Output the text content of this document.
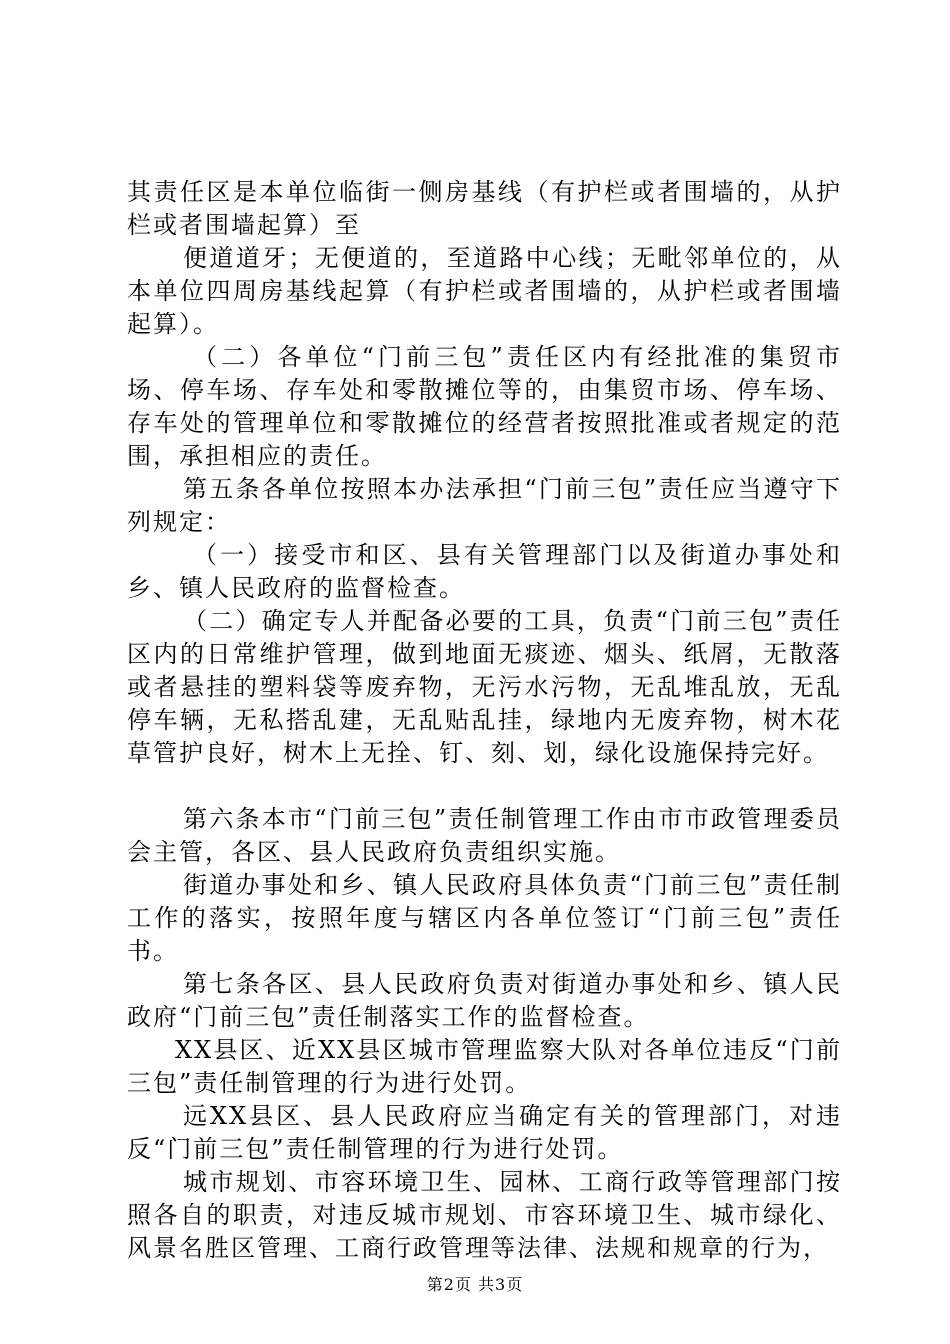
其责任区是本单位临街一侧房基线（有护栏或者围墙的，从护栏或者围墙起算）至

便道道牙；无便道的，至道路中心线；无毗邻单位的，从本单位四周房基线起算（有护栏或者围墙的，从护栏或者围墙起算）。

（二）各单位“门前三包”责任区内有经批准的集贸市场、停车场、存车处和零散摊位等的，由集贸市场、停车场、存车处的管理单位和零散摊位的经营者按照批准或者规定的范围，承担相应的责任。

第五条各单位按照本办法承担“门前三包”责任应当遵守下列规定：

（一）接受市和区、县有关管理部门以及街道办事处和乡、镇人民政府的监督检查。

（二）确定专人并配备必要的工具，负责“门前三包”责任区内的日常维护管理，做到地面无痰迹、烟头、纸屑，无散落或者悬挂的塑料袋等废弃物，无污水污物，无乱堆乱放，无乱停车辆，无私搭乱建，无乱贴乱挂，绿地内无废弃物，树木花草管护良好，树木上无拴、钉、刻、划，绿化设施保持完好。

第六条本市“门前三包”责任制管理工作由市市政管理委员会主管，各区、县人民政府负责组织实施。

街道办事处和乡、镇人民政府具体负责“门前三包”责任制工作的落实，按照年度与辖区内各单位签订“门前三包”责任书。

第七条各区、县人民政府负责对街道办事处和乡、镇人民政府“门前三包”责任制落实工作的监督检查。

XX县区、近XX县区城市管理监察大队对各单位违反“门前三包”责任制管理的行为进行处罚。

远XX县区、县人民政府应当确定有关的管理部门，对违反“门前三包”责任制管理的行为进行处罚。

城市规划、市容环境卫生、园林、工商行政等管理部门按照各自的职责，对违反城市规划、市容环境卫生、城市绿化、风景名胜区管理、工商行政管理等法律、法规和规章的行为，

第2页 共3页
